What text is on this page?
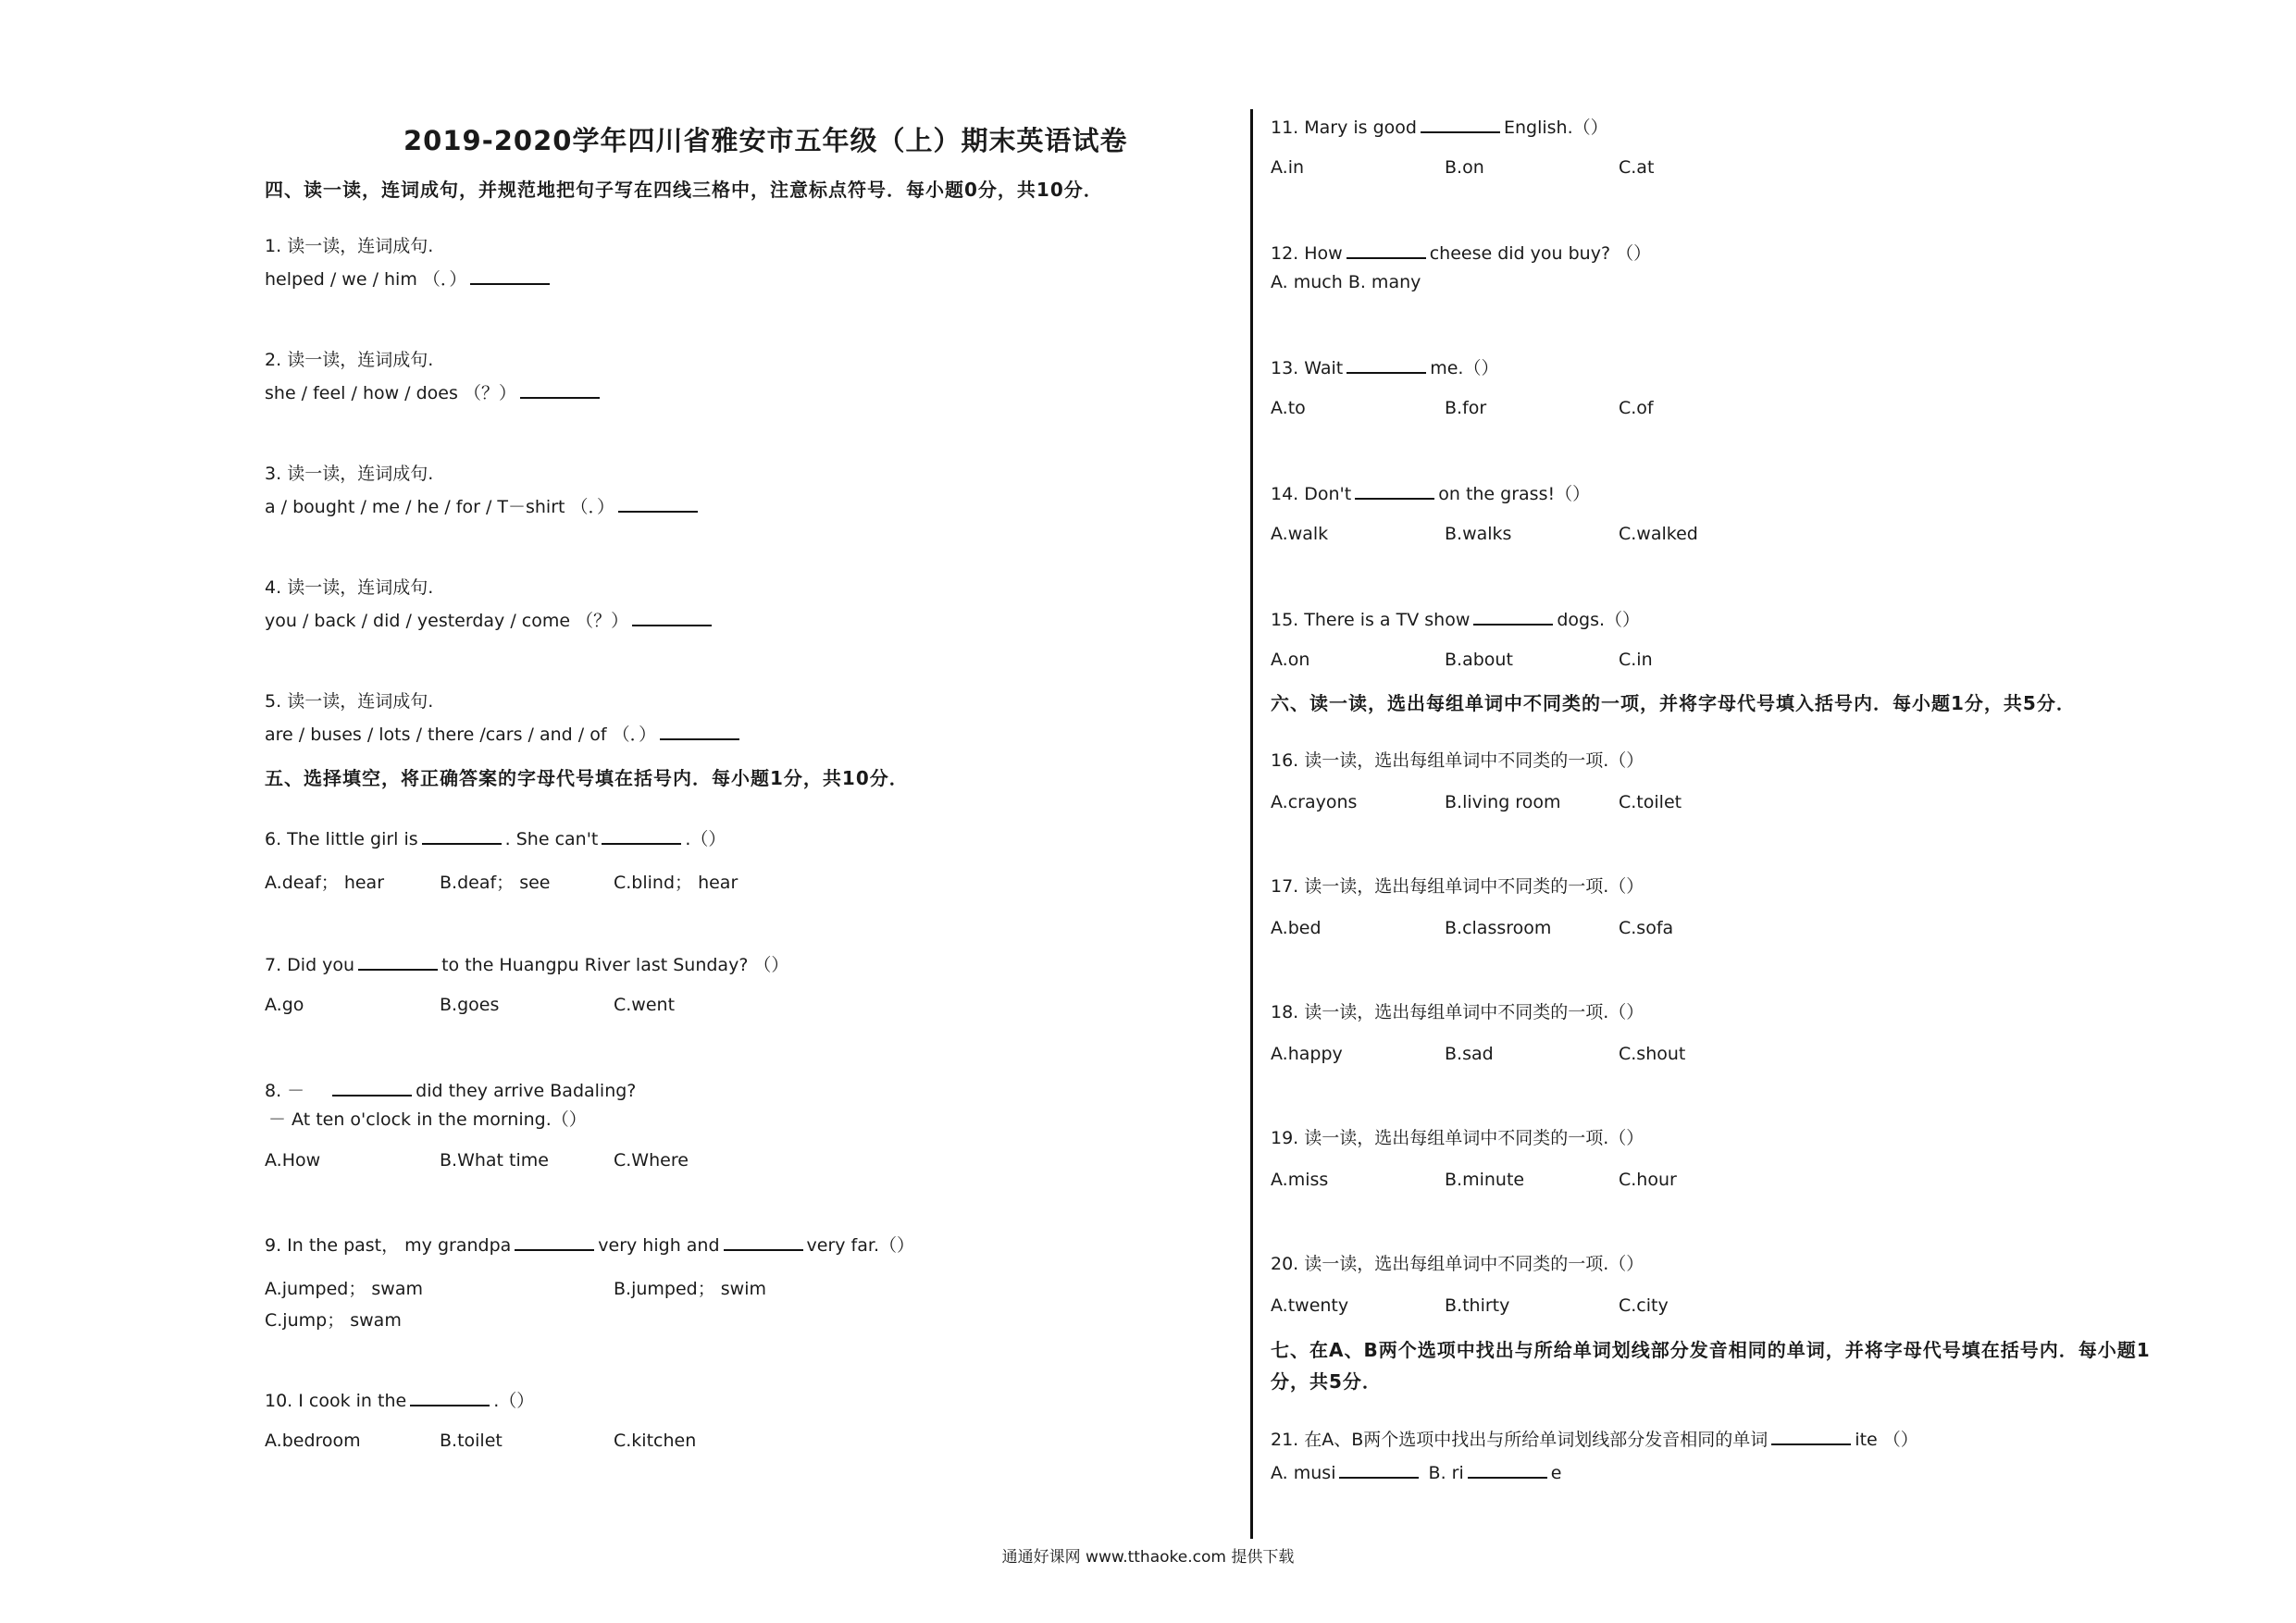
2019-2020学年四川省雅安市五年级（上）期末英语试卷
四、读一读，连词成句，并规范地把句子写在四线三格中，注意标点符号．每小题0分，共10分．
1. 读一读，连词成句.
helped / we / him （．）
2. 读一读，连词成句.
she / feel / how / does （？）
3. 读一读，连词成句.
a / bought / me / he / for / T－shirt （．）
4. 读一读，连词成句.
you / back / did / yesterday / come （？）
5. 读一读，连词成句.
are / buses / lots / there /cars / and / of （．）
五、选择填空，将正确答案的字母代号填在括号内．每小题1分，共10分．
6. The little girl is	. She can't	.（）
A.deaf； hear	B.deaf； see	C.blind； hear
7. Did you	to the Huangpu River last Sunday? （）
A.go	B.goes	C.went
8. －	did they arrive Badaling?
－ At ten o'clock in the morning.（）
A.How	B.What time	C.Where
9. In the past， my grandpa	very high and	very far.（）
A.jumped； swam	B.jumped； swim
C.jump； swam
10. I cook in the	.（）
A.bedroom	B.toilet	C.kitchen
11. Mary is good	English.（）
A.in	B.on	C.at
12. How	cheese did you buy? （）
A. much B. many
13. Wait	me.（）
A.to	B.for	C.of
14. Don't	on the grass!（）
A.walk	B.walks	C.walked
15. There is a TV show	dogs.（）
A.on	B.about	C.in
六、读一读，选出每组单词中不同类的一项，并将字母代号填入括号内．每小题1分，共5分．
16. 读一读，选出每组单词中不同类的一项.（）
A.crayons	B.living room	C.toilet
17. 读一读，选出每组单词中不同类的一项.（）
A.bed	B.classroom	C.sofa
18. 读一读，选出每组单词中不同类的一项.（）
A.happy	B.sad	C.shout
19. 读一读，选出每组单词中不同类的一项.（）
A.miss	B.minute	C.hour
20. 读一读，选出每组单词中不同类的一项.（）
A.twenty	B.thirty	C.city
七、在A、B两个选项中找出与所给单词划线部分发音相同的单词，并将字母代号填在括号内．每小题1
分，共5分．
21. 在A、B两个选项中找出与所给单词划线部分发音相同的单词	ite （）
A. musi	B. ri	e
通通好课网 www.tthaoke.com 提供下载
